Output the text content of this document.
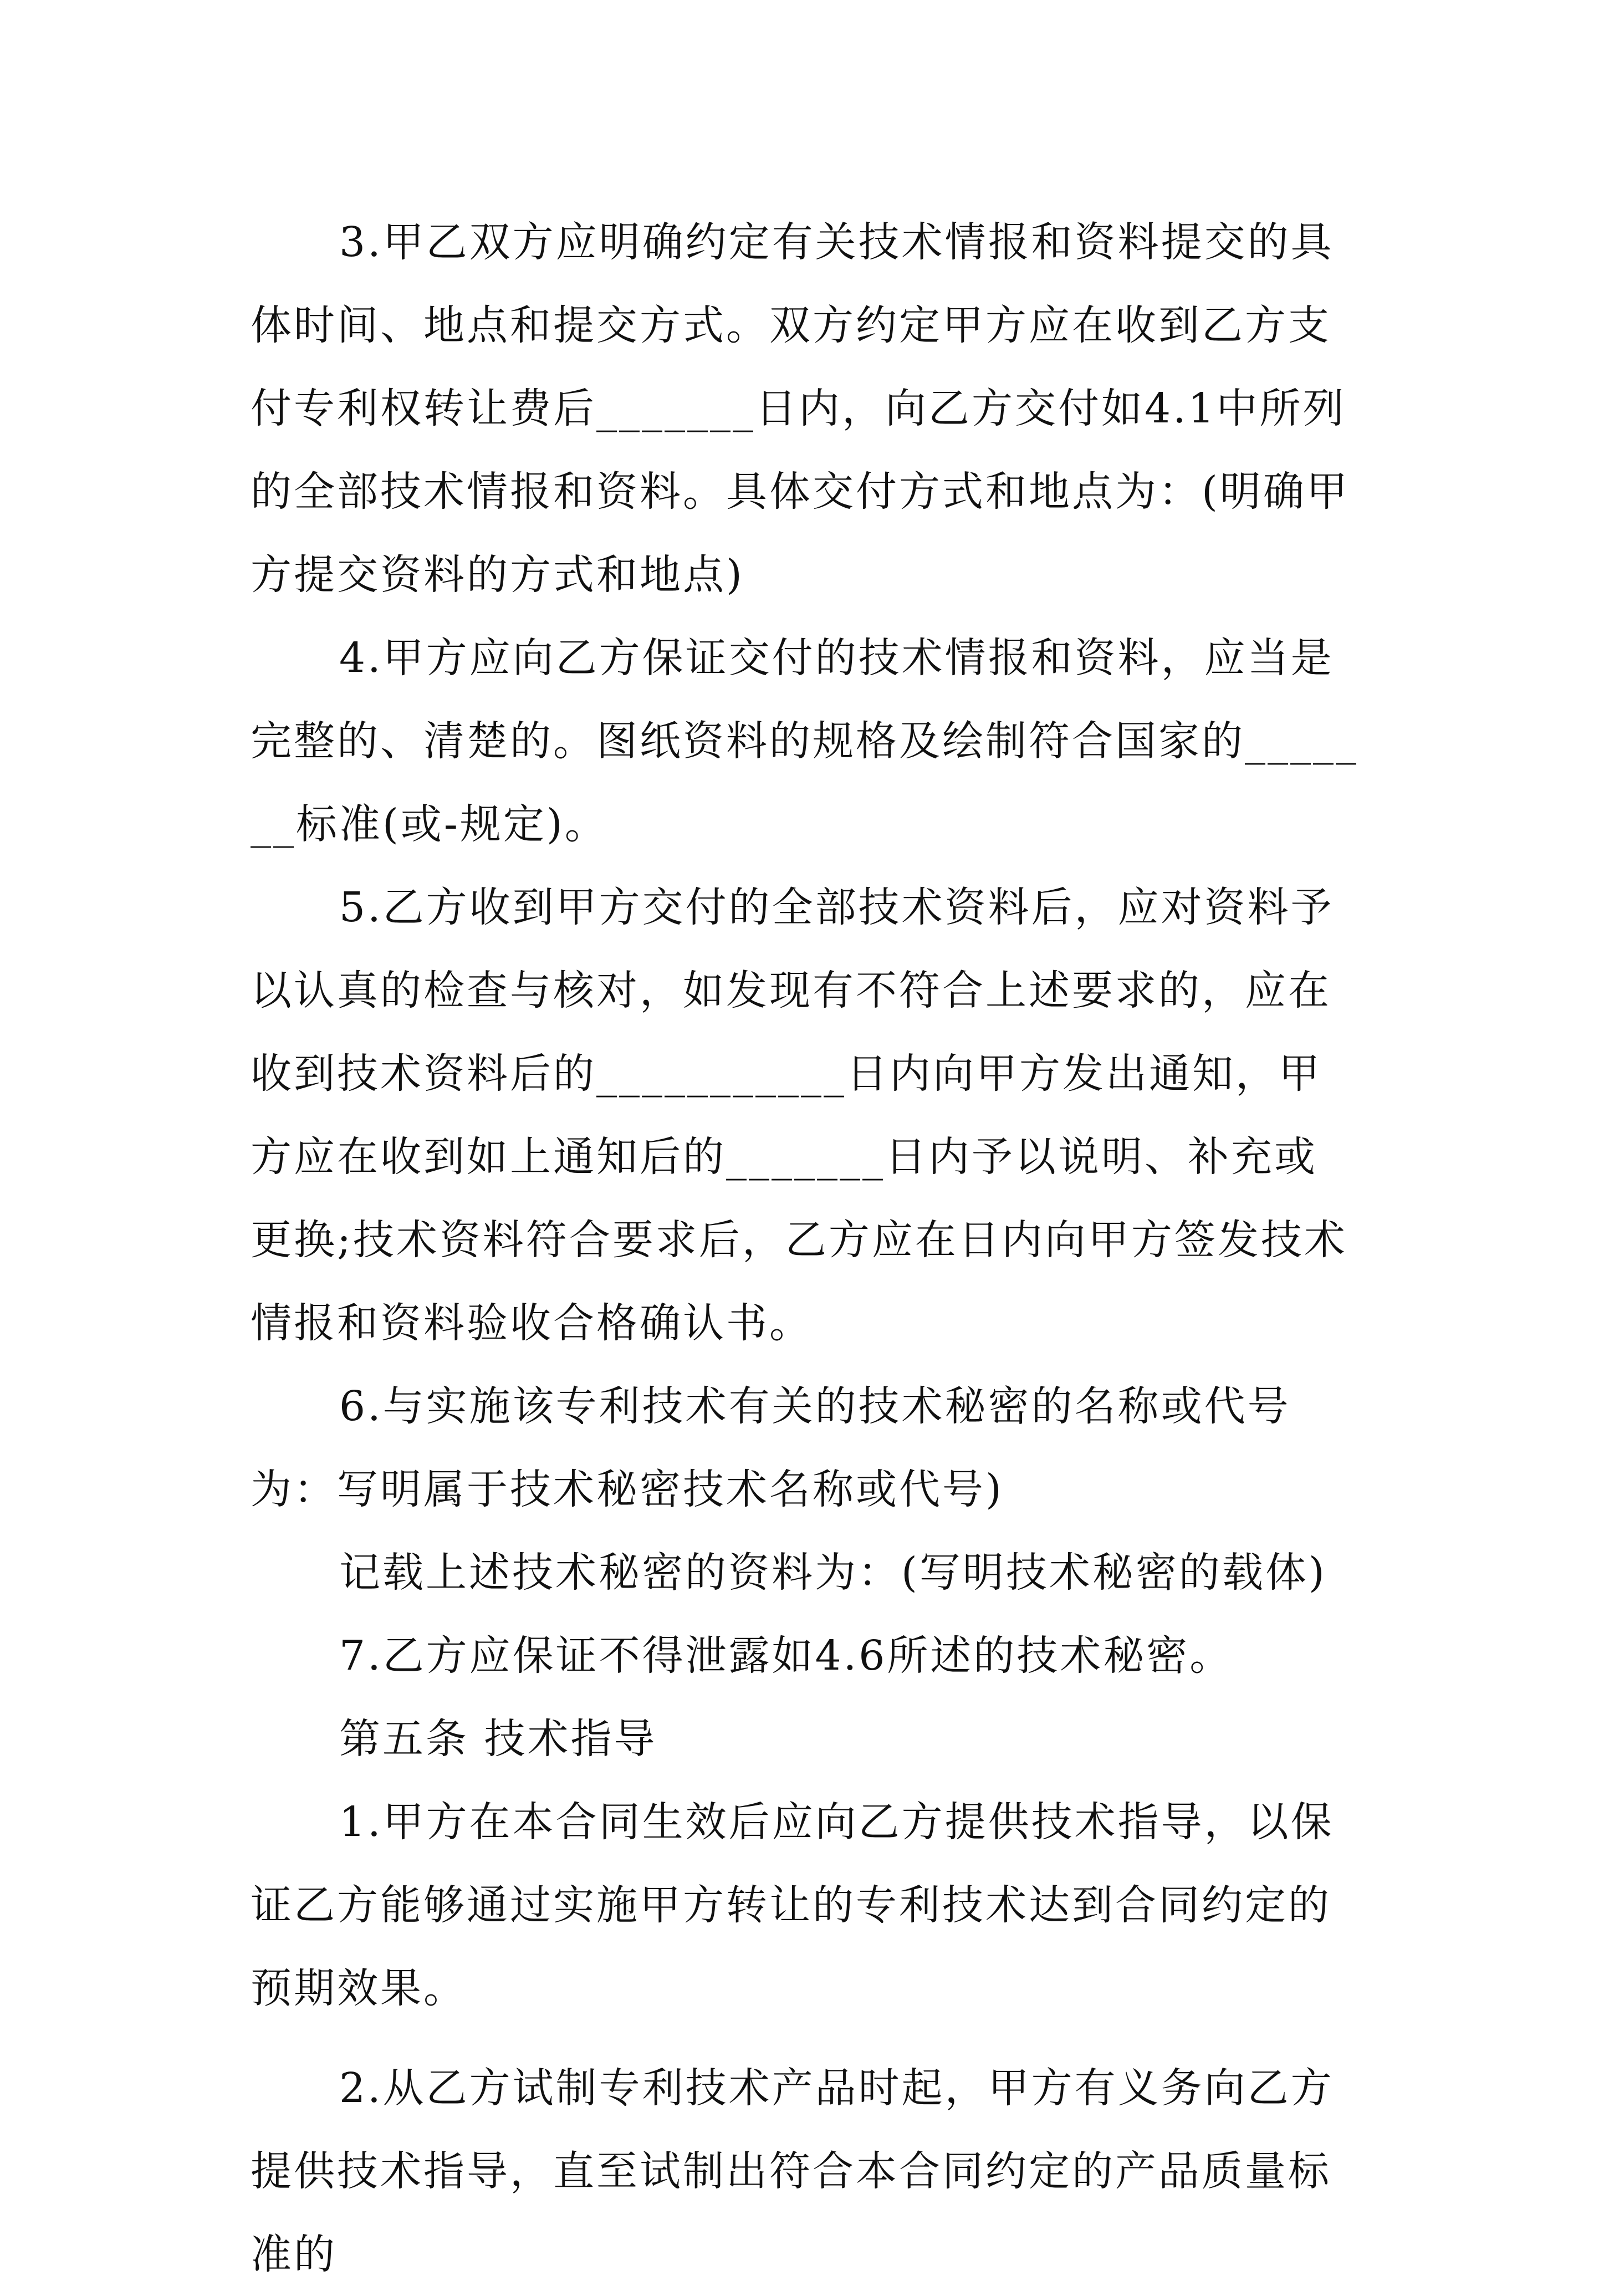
3.甲乙双方应明确约定有关技术情报和资料提交的具体时间、地点和提交方式。双方约定甲方应在收到乙方支付专利权转让费后_______日内，向乙方交付如4.1中所列的全部技术情报和资料。具体交付方式和地点为：(明确甲方提交资料的方式和地点)

4.甲方应向乙方保证交付的技术情报和资料，应当是完整的、清楚的。图纸资料的规格及绘制符合国家的_______标准(或-规定)。

5.乙方收到甲方交付的全部技术资料后，应对资料予以认真的检查与核对，如发现有不符合上述要求的，应在收到技术资料后的___________日内向甲方发出通知，甲方应在收到如上通知后的_______日内予以说明、补充或更换;技术资料符合要求后，乙方应在日内向甲方签发技术情报和资料验收合格确认书。

6.与实施该专利技术有关的技术秘密的名称或代号为：写明属于技术秘密技术名称或代号)

记载上述技术秘密的资料为：(写明技术秘密的载体)

7.乙方应保证不得泄露如4.6所述的技术秘密。

第五条 技术指导

1.甲方在本合同生效后应向乙方提供技术指导，以保证乙方能够通过实施甲方转让的专利技术达到合同约定的预期效果。

2.从乙方试制专利技术产品时起，甲方有义务向乙方提供技术指导，直至试制出符合本合同约定的产品质量标准的
